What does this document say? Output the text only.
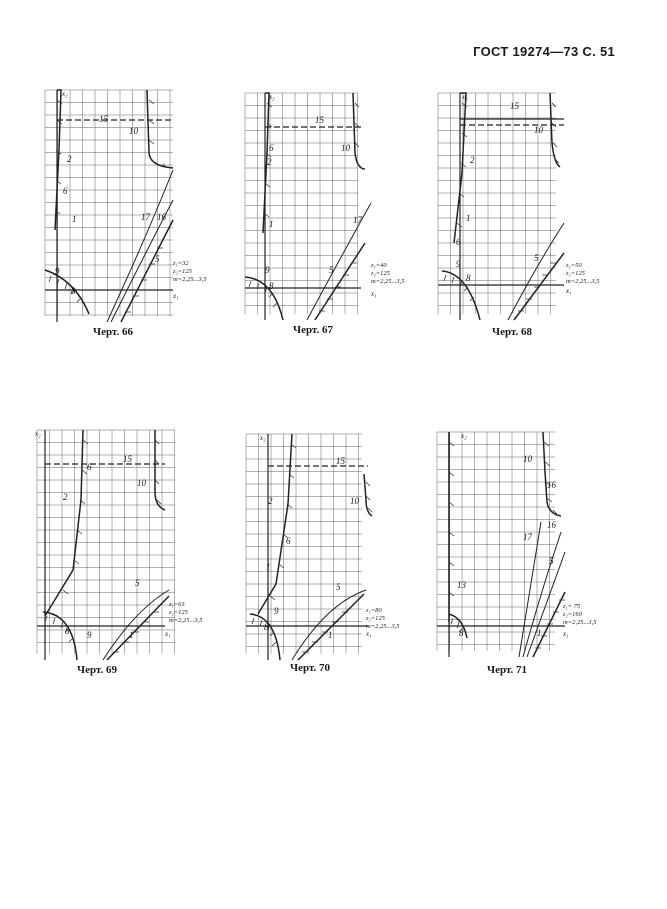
ГОСТ 19274—73 С. 51
15
10
2
6
1	17 16
5
9
8
x₂
x₁
z₁=32
z₂=125
m=2,25...3,5
Черт. 66
15
6	10
2
1	17
9	5
8
x₂
x₁
z₁=40
z₂=125
m=2,25...3,5
Черт. 67
15
10
2
1
6
9
5
8
x₂
x₁
z₁=50
z₂=125
m=2,25...3,5
Черт. 68
6
15
2
10
5
9
8	1
x₂
x₁
z₁=63
z₂=125
m=2,25...3,5
Черт. 69
15
2	10
6
1
9
5
8
1
x₂
x₁
z₁=80
z₂=125
m=2,25...3,5
Черт. 70
10
16
16
17
5
13
8	1
x₂
x₁
z₁= 75
z₂=160
m=2,25...3,5
Черт. 71
